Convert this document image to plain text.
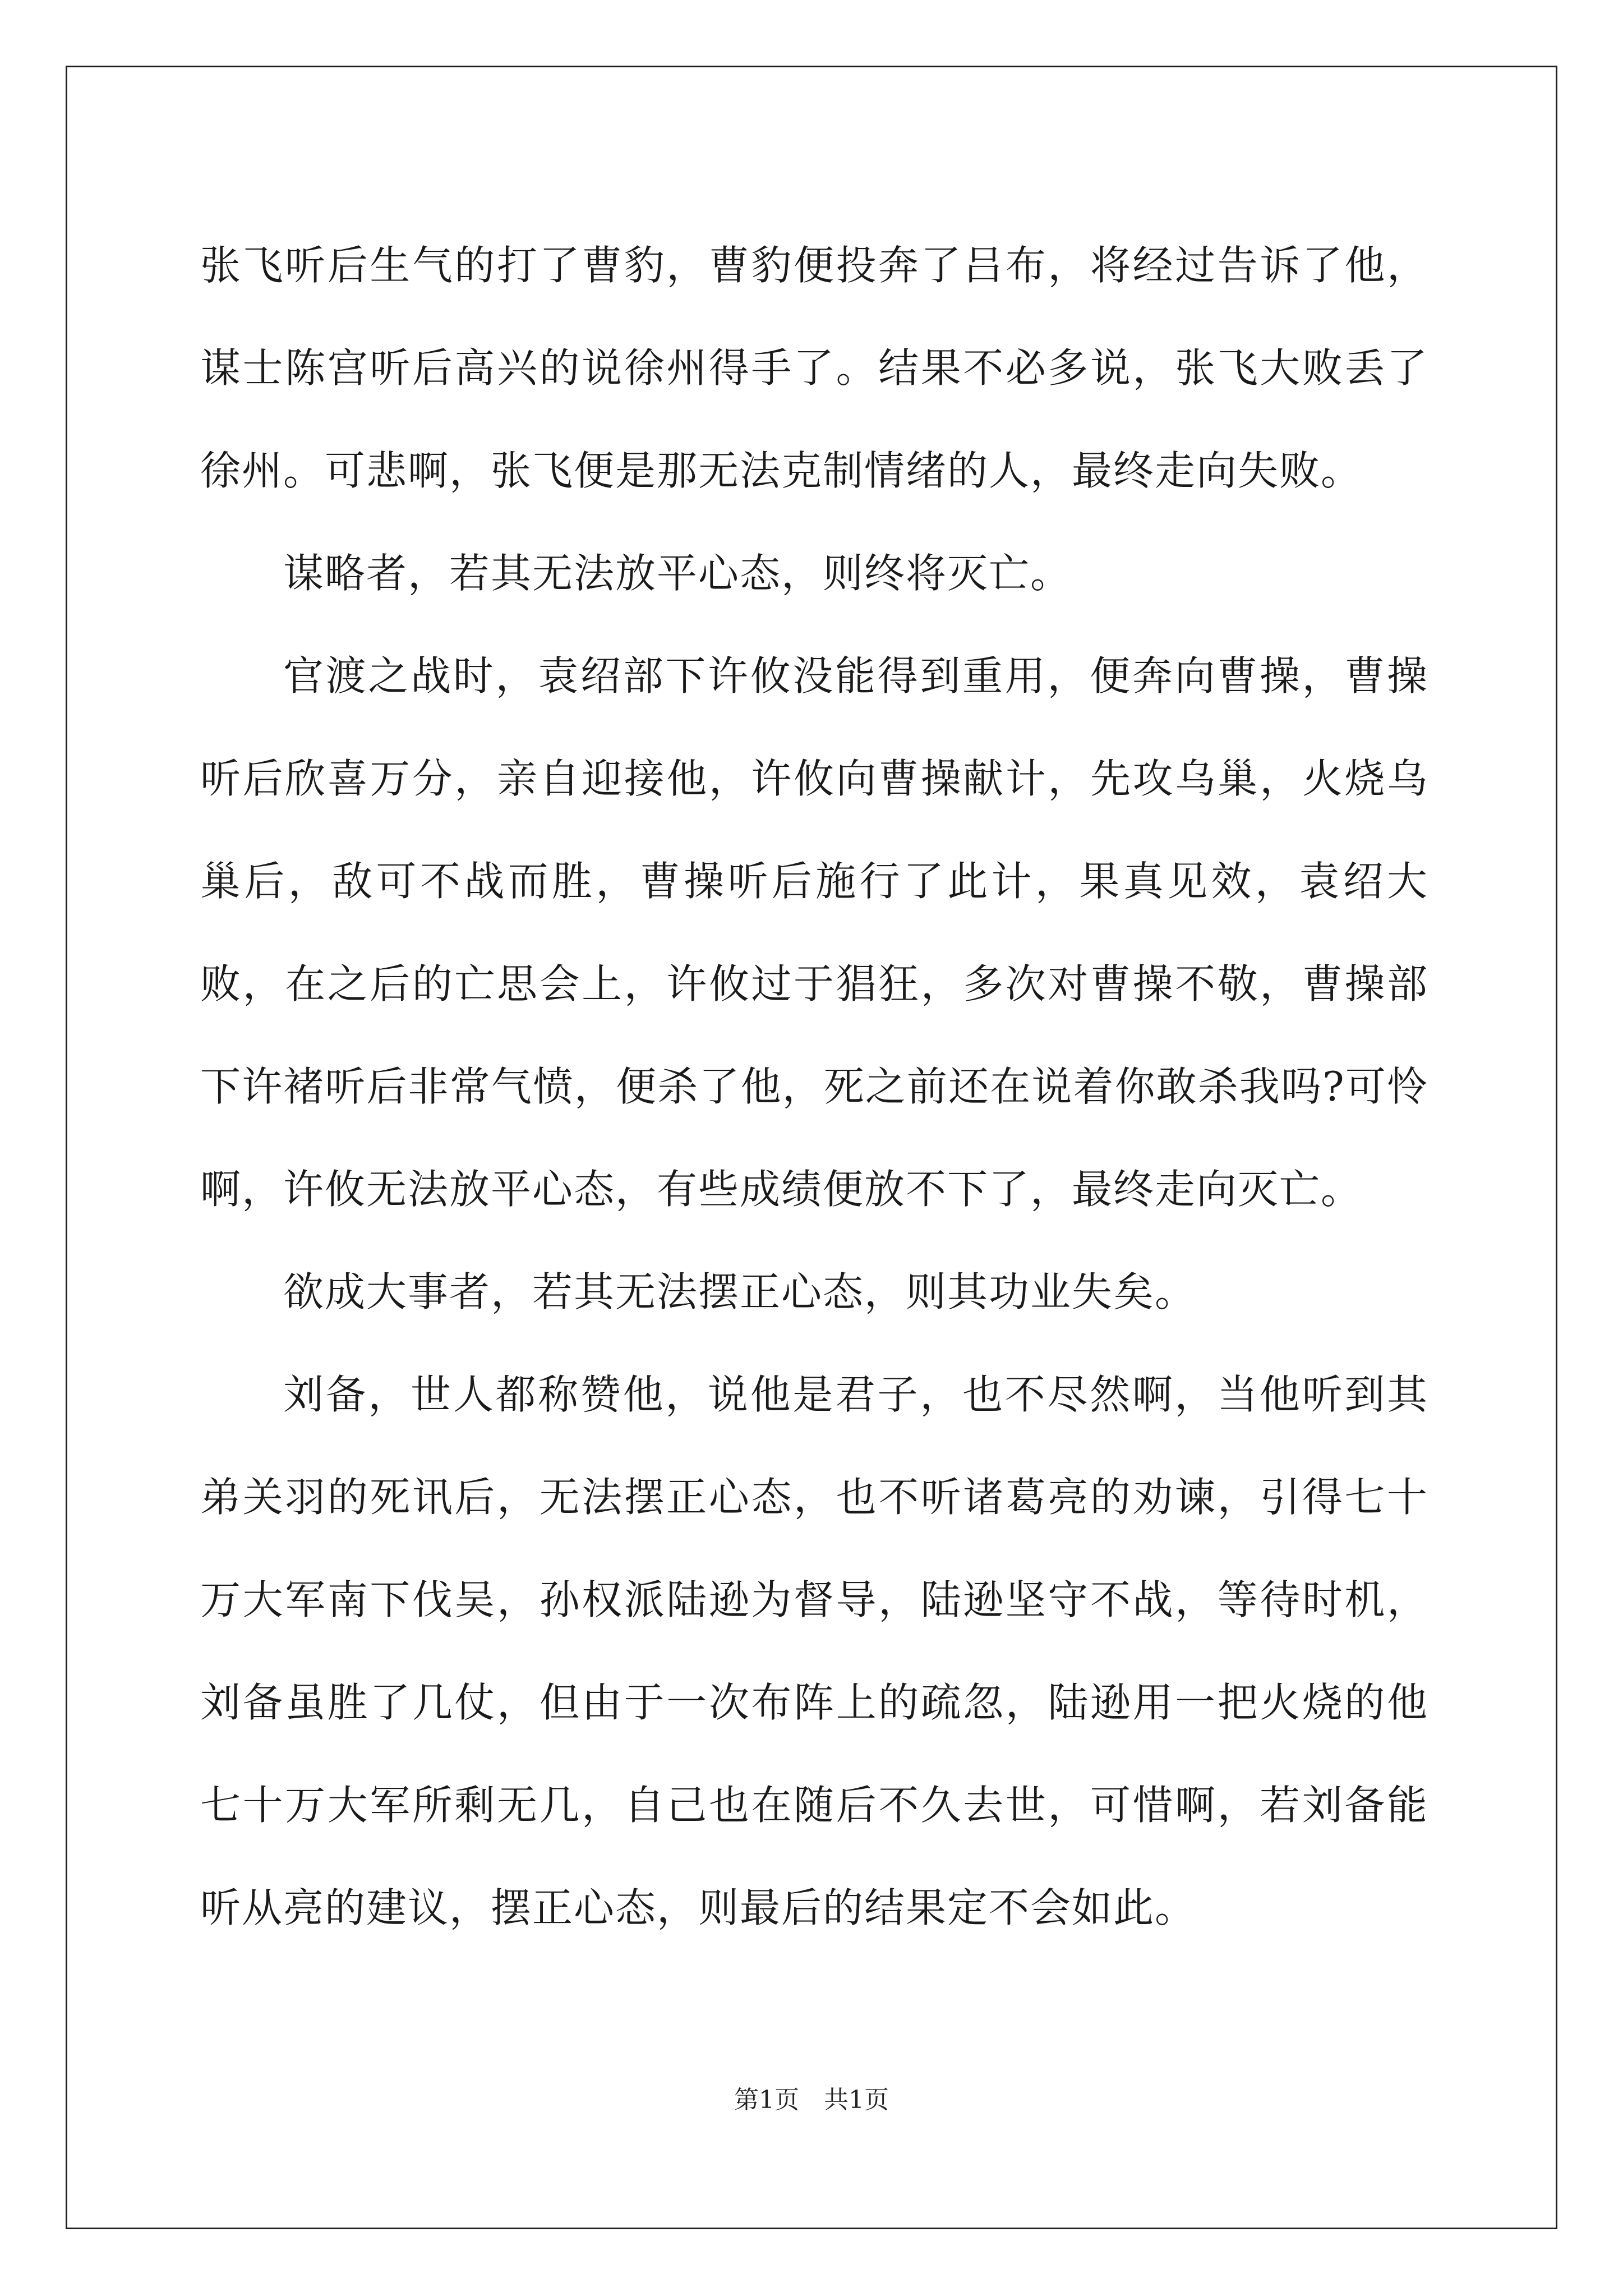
张飞听后生气的打了曹豹，曹豹便投奔了吕布，将经过告诉了他，谋士陈宫听后高兴的说徐州得手了。结果不必多说，张飞大败丢了徐州。可悲啊，张飞便是那无法克制情绪的人，最终走向失败。

谋略者，若其无法放平心态，则终将灭亡。

官渡之战时，袁绍部下许攸没能得到重用，便奔向曹操，曹操听后欣喜万分，亲自迎接他，许攸向曹操献计，先攻乌巢，火烧乌巢后，敌可不战而胜，曹操听后施行了此计，果真见效，袁绍大败，在之后的亡思会上，许攸过于猖狂，多次对曹操不敬，曹操部下许褚听后非常气愤，便杀了他，死之前还在说着你敢杀我吗?可怜啊，许攸无法放平心态，有些成绩便放不下了，最终走向灭亡。

欲成大事者，若其无法摆正心态，则其功业失矣。

刘备，世人都称赞他，说他是君子，也不尽然啊，当他听到其弟关羽的死讯后，无法摆正心态，也不听诸葛亮的劝谏，引得七十万大军南下伐吴，孙权派陆逊为督导，陆逊坚守不战，等待时机，刘备虽胜了几仗，但由于一次布阵上的疏忽，陆逊用一把火烧的他七十万大军所剩无几，自己也在随后不久去世，可惜啊，若刘备能听从亮的建议，摆正心态，则最后的结果定不会如此。

第1页 共1页
